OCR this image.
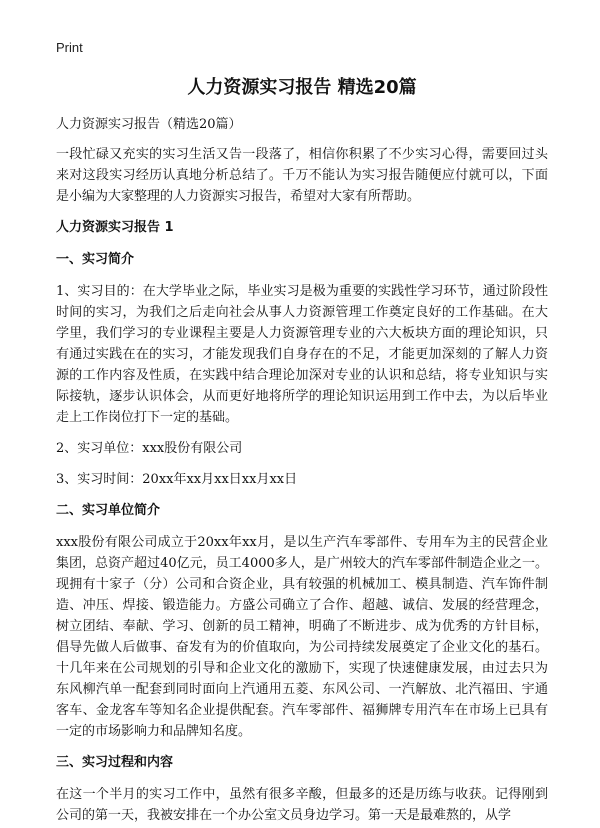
Print
人力资源实习报告 精选20篇
人力资源实习报告（精选20篇）

一段忙碌又充实的实习生活又告一段落了，相信你积累了不少实习心得，需要回过头来对这段实习经历认真地分析总结了。千万不能认为实习报告随便应付就可以，下面是小编为大家整理的人力资源实习报告，希望对大家有所帮助。

人力资源实习报告 1
一、实习简介

1、实习目的：在大学毕业之际，毕业实习是极为重要的实践性学习环节，通过阶段性时间的实习，为我们之后走向社会从事人力资源管理工作奠定良好的工作基础。在大学里，我们学习的专业课程主要是人力资源管理专业的六大板块方面的理论知识，只有通过实践在在的实习，才能发现我们自身存在的不足，才能更加深刻的了解人力资源的工作内容及性质，在实践中结合理论加深对专业的认识和总结，将专业知识与实际接轨，逐步认识体会，从而更好地将所学的理论知识运用到工作中去，为以后毕业走上工作岗位打下一定的基础。

2、实习单位：xxx股份有限公司

3、实习时间：20xx年xx月xx日xx月xx日

二、实习单位简介

xxx股份有限公司成立于20xx年xx月，是以生产汽车零部件、专用车为主的民营企业集团，总资产超过40亿元，员工4000多人，是广州较大的汽车零部件制造企业之一。现拥有十家子（分）公司和合资企业，具有较强的机械加工、模具制造、汽车饰件制造、冲压、焊接、锻造能力。方盛公司确立了合作、超越、诚信、发展的经营理念，树立团结、奉献、学习、创新的员工精神，明确了不断进步、成为优秀的方针目标，倡导先做人后做事、奋发有为的价值取向，为公司持续发展奠定了企业文化的基石。十几年来在公司规划的引导和企业文化的激励下，实现了快速健康发展，由过去只为东风柳汽单一配套到同时面向上汽通用五菱、东风公司、一汽解放、北汽福田、宇通客车、金龙客车等知名企业提供配套。汽车零部件、福狮牌专用汽车在市场上已具有一定的市场影响力和品牌知名度。

三、实习过程和内容

在这一个半月的实习工作中，虽然有很多辛酸，但最多的还是历练与收获。记得刚到公司的第一天，我被安排在一个办公室文员身边学习。第一天是最难熬的，从学
